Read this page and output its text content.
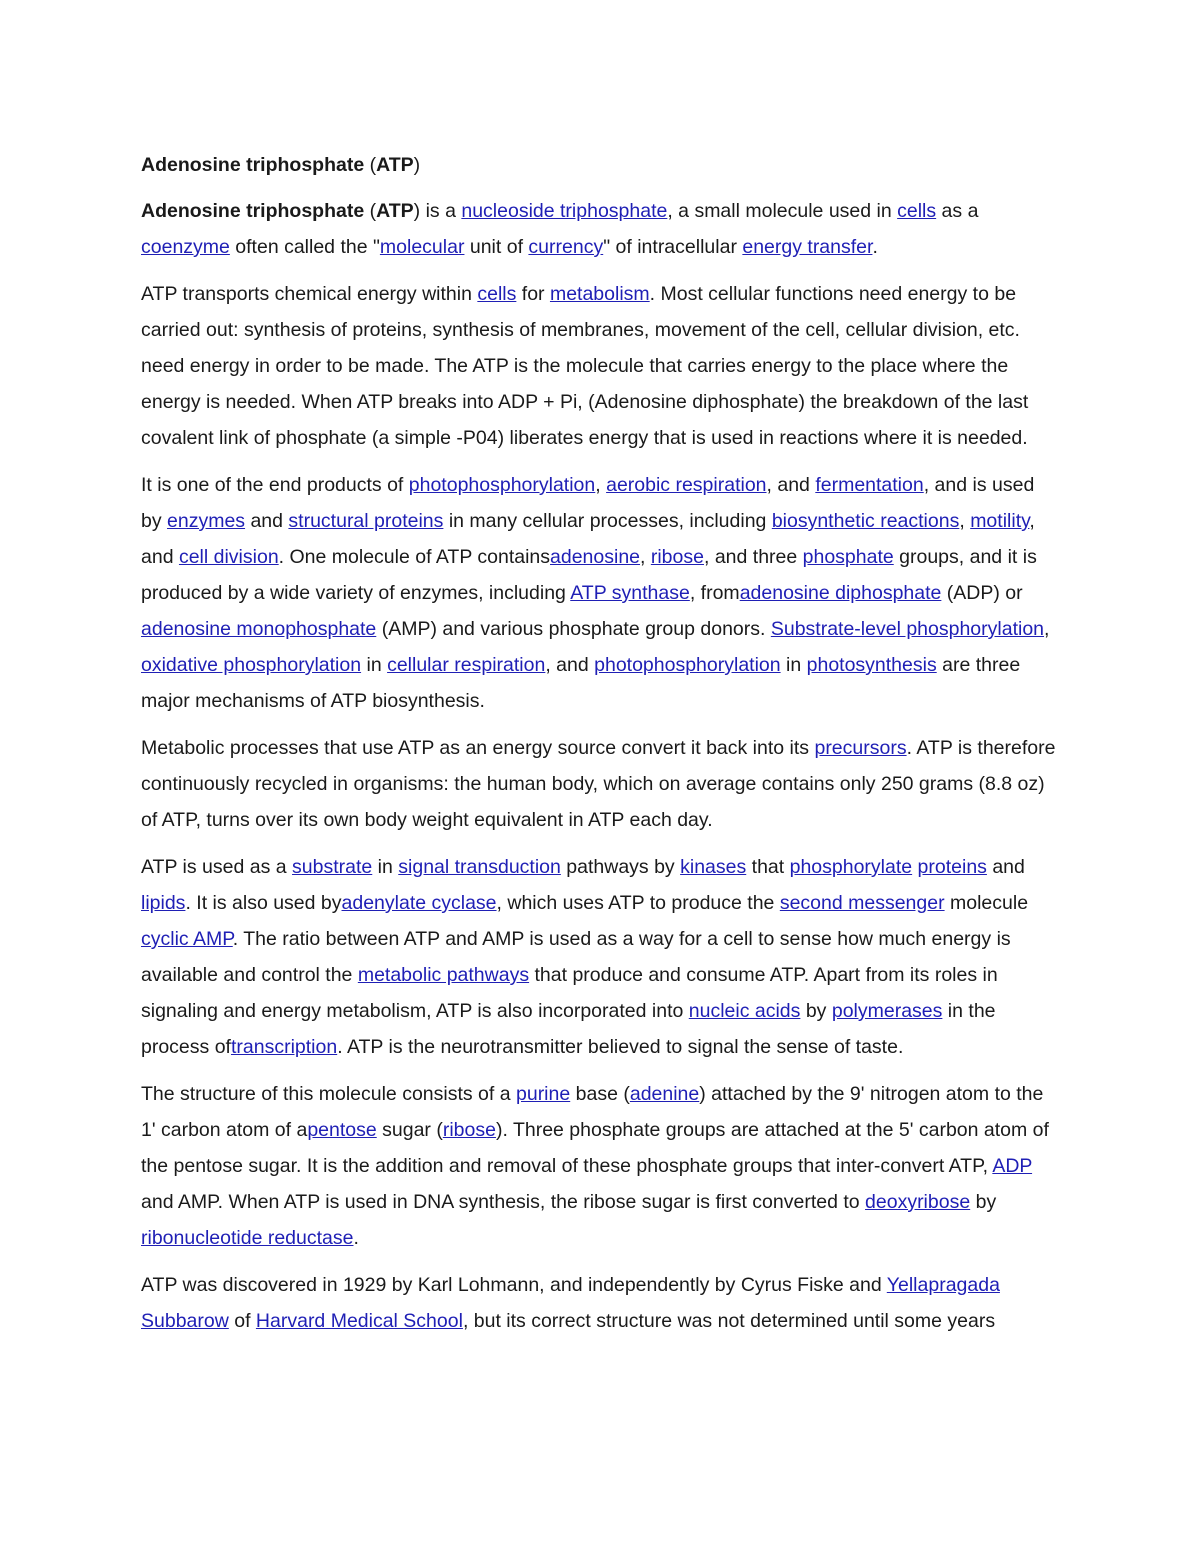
Adenosine triphosphate (ATP)

Adenosine triphosphate (ATP) is a nucleoside triphosphate, a small molecule used in cells as a coenzyme often called the "molecular unit of currency" of intracellular energy transfer.

ATP transports chemical energy within cells for metabolism. Most cellular functions need energy to be carried out: synthesis of proteins, synthesis of membranes, movement of the cell, cellular division, etc. need energy in order to be made. The ATP is the molecule that carries energy to the place where the energy is needed. When ATP breaks into ADP + Pi, (Adenosine diphosphate) the breakdown of the last covalent link of phosphate (a simple -P04) liberates energy that is used in reactions where it is needed.

It is one of the end products of photophosphorylation, aerobic respiration, and fermentation, and is used by enzymes and structural proteins in many cellular processes, including biosynthetic reactions, motility, and cell division. One molecule of ATP containsadenosine, ribose, and three phosphate groups, and it is produced by a wide variety of enzymes, including ATP synthase, fromadenosine diphosphate (ADP) or adenosine monophosphate (AMP) and various phosphate group donors. Substrate-level phosphorylation, oxidative phosphorylation in cellular respiration, and photophosphorylation in photosynthesis are three major mechanisms of ATP biosynthesis.

Metabolic processes that use ATP as an energy source convert it back into its precursors. ATP is therefore continuously recycled in organisms: the human body, which on average contains only 250 grams (8.8 oz) of ATP, turns over its own body weight equivalent in ATP each day.

ATP is used as a substrate in signal transduction pathways by kinases that phosphorylate proteins and lipids. It is also used byadenylate cyclase, which uses ATP to produce the second messenger molecule cyclic AMP. The ratio between ATP and AMP is used as a way for a cell to sense how much energy is available and control the metabolic pathways that produce and consume ATP. Apart from its roles in signaling and energy metabolism, ATP is also incorporated into nucleic acids by polymerases in the process oftranscription. ATP is the neurotransmitter believed to signal the sense of taste.

The structure of this molecule consists of a purine base (adenine) attached by the 9' nitrogen atom to the 1' carbon atom of apentose sugar (ribose). Three phosphate groups are attached at the 5' carbon atom of the pentose sugar. It is the addition and removal of these phosphate groups that inter-convert ATP, ADP and AMP. When ATP is used in DNA synthesis, the ribose sugar is first converted to deoxyribose by ribonucleotide reductase.

ATP was discovered in 1929 by Karl Lohmann, and independently by Cyrus Fiske and Yellapragada Subbarow of Harvard Medical School, but its correct structure was not determined until some years
